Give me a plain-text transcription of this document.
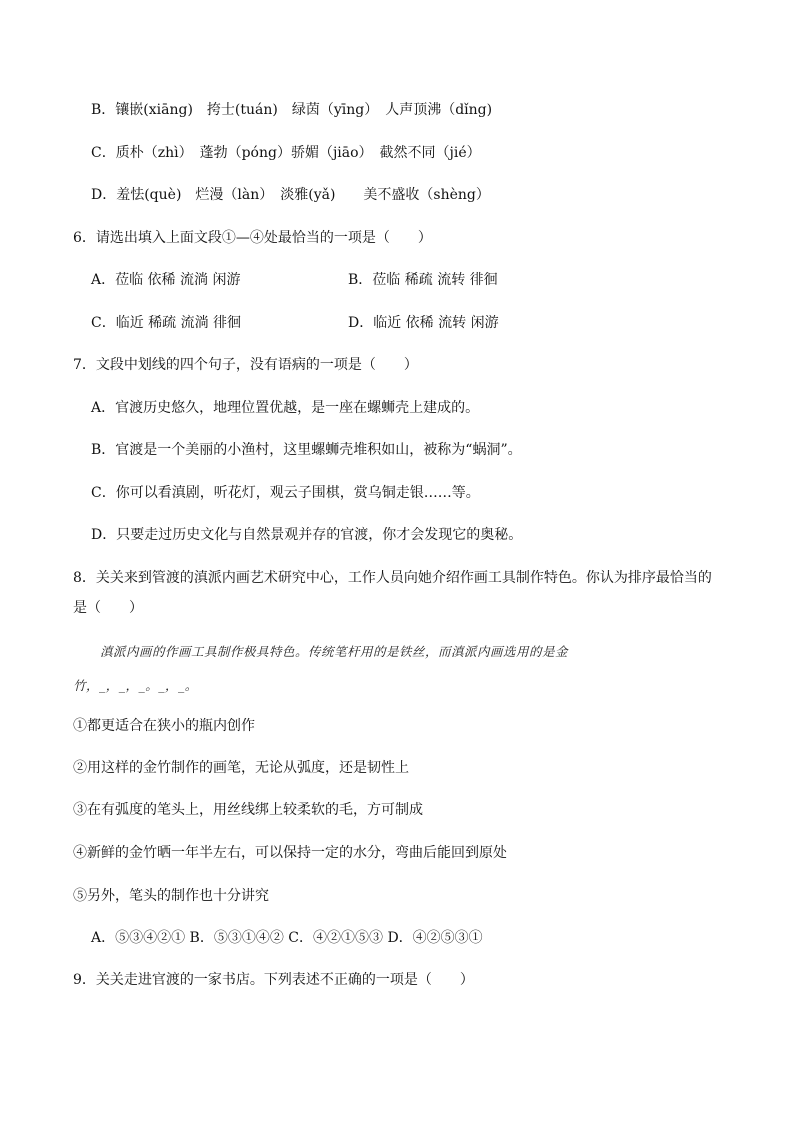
B．镶嵌(xiāng)　挎士(tuán)　绿茵（yīng）　人声顶沸（dǐng)
C．质朴（zhì）　蓬勃（póng）骄媚（jiāo）　截然不同（jié）
D．羞怯(què)　烂漫（làn）　淡雅(yǎ)　　美不盛收（shèng）
6．请选出填入上面文段①—④处最恰当的一项是（　　）
A．莅临 依稀 流淌 闲游	B．莅临 稀疏 流转 徘徊
C．临近 稀疏 流淌 徘徊	D．临近 依稀 流转 闲游
7．文段中划线的四个句子，没有语病的一项是（　　）
A．官渡历史悠久，地理位置优越，是一座在螺蛳壳上建成的。
B．官渡是一个美丽的小渔村，这里螺蛳壳堆积如山，被称为“蜗洞”。
C．你可以看滇剧，听花灯，观云子围棋，赏乌铜走银……等。
D．只要走过历史文化与自然景观并存的官渡，你才会发现它的奥秘。
8．关关来到管渡的滇派内画艺术研究中心，工作人员向她介绍作画工具制作特色。你认为排序最恰当的
是（　　）
滇派内画的作画工具制作极具特色。传统笔杆用的是铁丝，而滇派内画选用的是金
竹，_，_，_。_，_。
①都更适合在狭小的瓶内创作
②用这样的金竹制作的画笔，无论从弧度，还是韧性上
③在有弧度的笔头上，用丝线绑上较柔软的毛，方可制成
④新鲜的金竹晒一年半左右，可以保持一定的水分，弯曲后能回到原处
⑤另外，笔头的制作也十分讲究
A．⑤③④②① B．⑤③①④② C．④②①⑤③ D．④②⑤③①
9．关关走进官渡的一家书店。下列表述不正确的一项是（　　）
